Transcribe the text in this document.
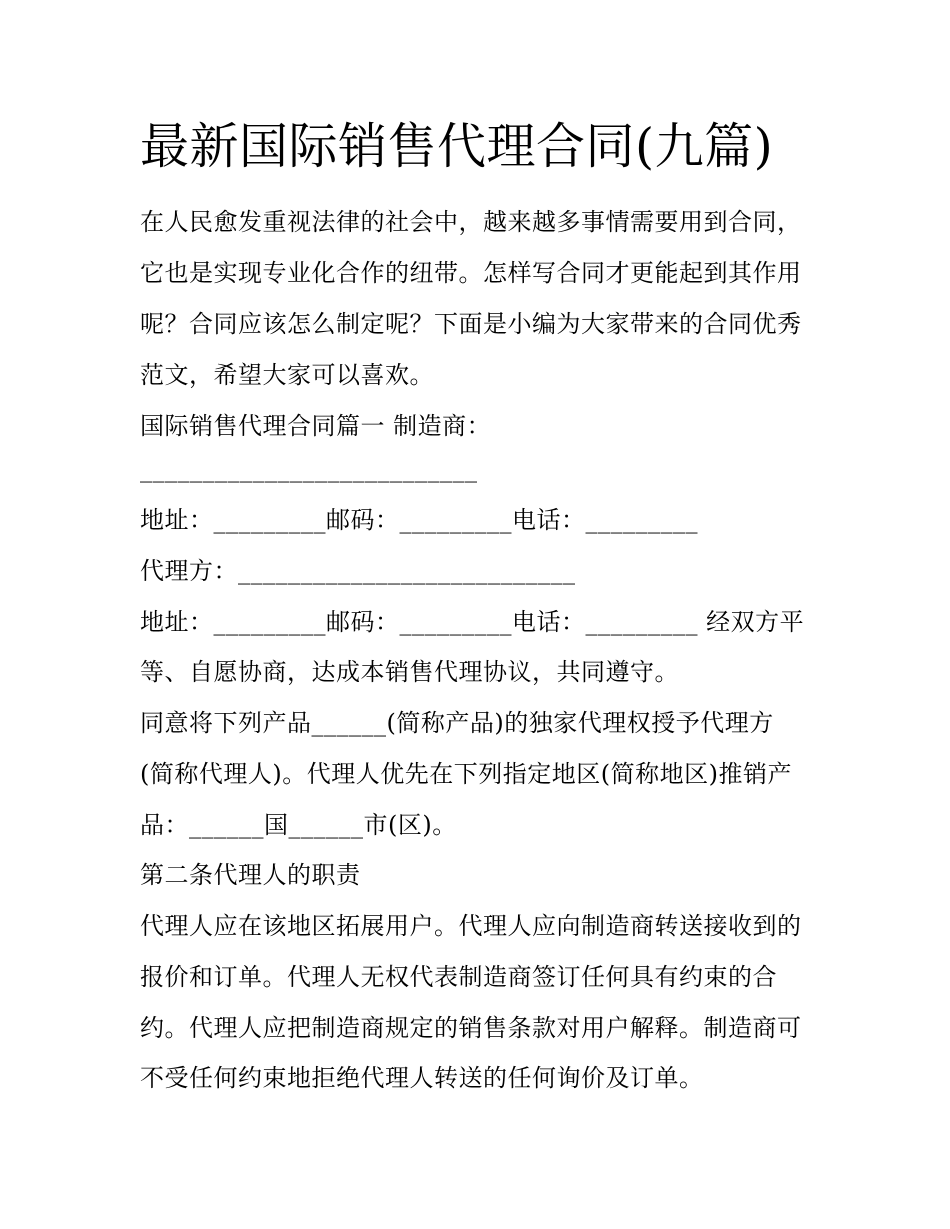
最新国际销售代理合同(九篇)
在人民愈发重视法律的社会中，越来越多事情需要用到合同，
它也是实现专业化合作的纽带。怎样写合同才更能起到其作用
呢？合同应该怎么制定呢？下面是小编为大家带来的合同优秀
范文，希望大家可以喜欢。
国际销售代理合同篇一 制造商：
___________________________
地址：_________邮码：_________电话：_________
代理方：___________________________
地址：_________邮码：_________电话：_________ 经双方平
等、自愿协商，达成本销售代理协议，共同遵守。
同意将下列产品______(简称产品)的独家代理权授予代理方
(简称代理人)。代理人优先在下列指定地区(简称地区)推销产
品：______国______市(区)。
第二条代理人的职责
代理人应在该地区拓展用户。代理人应向制造商转送接收到的
报价和订单。代理人无权代表制造商签订任何具有约束的合
约。代理人应把制造商规定的销售条款对用户解释。制造商可
不受任何约束地拒绝代理人转送的任何询价及订单。
